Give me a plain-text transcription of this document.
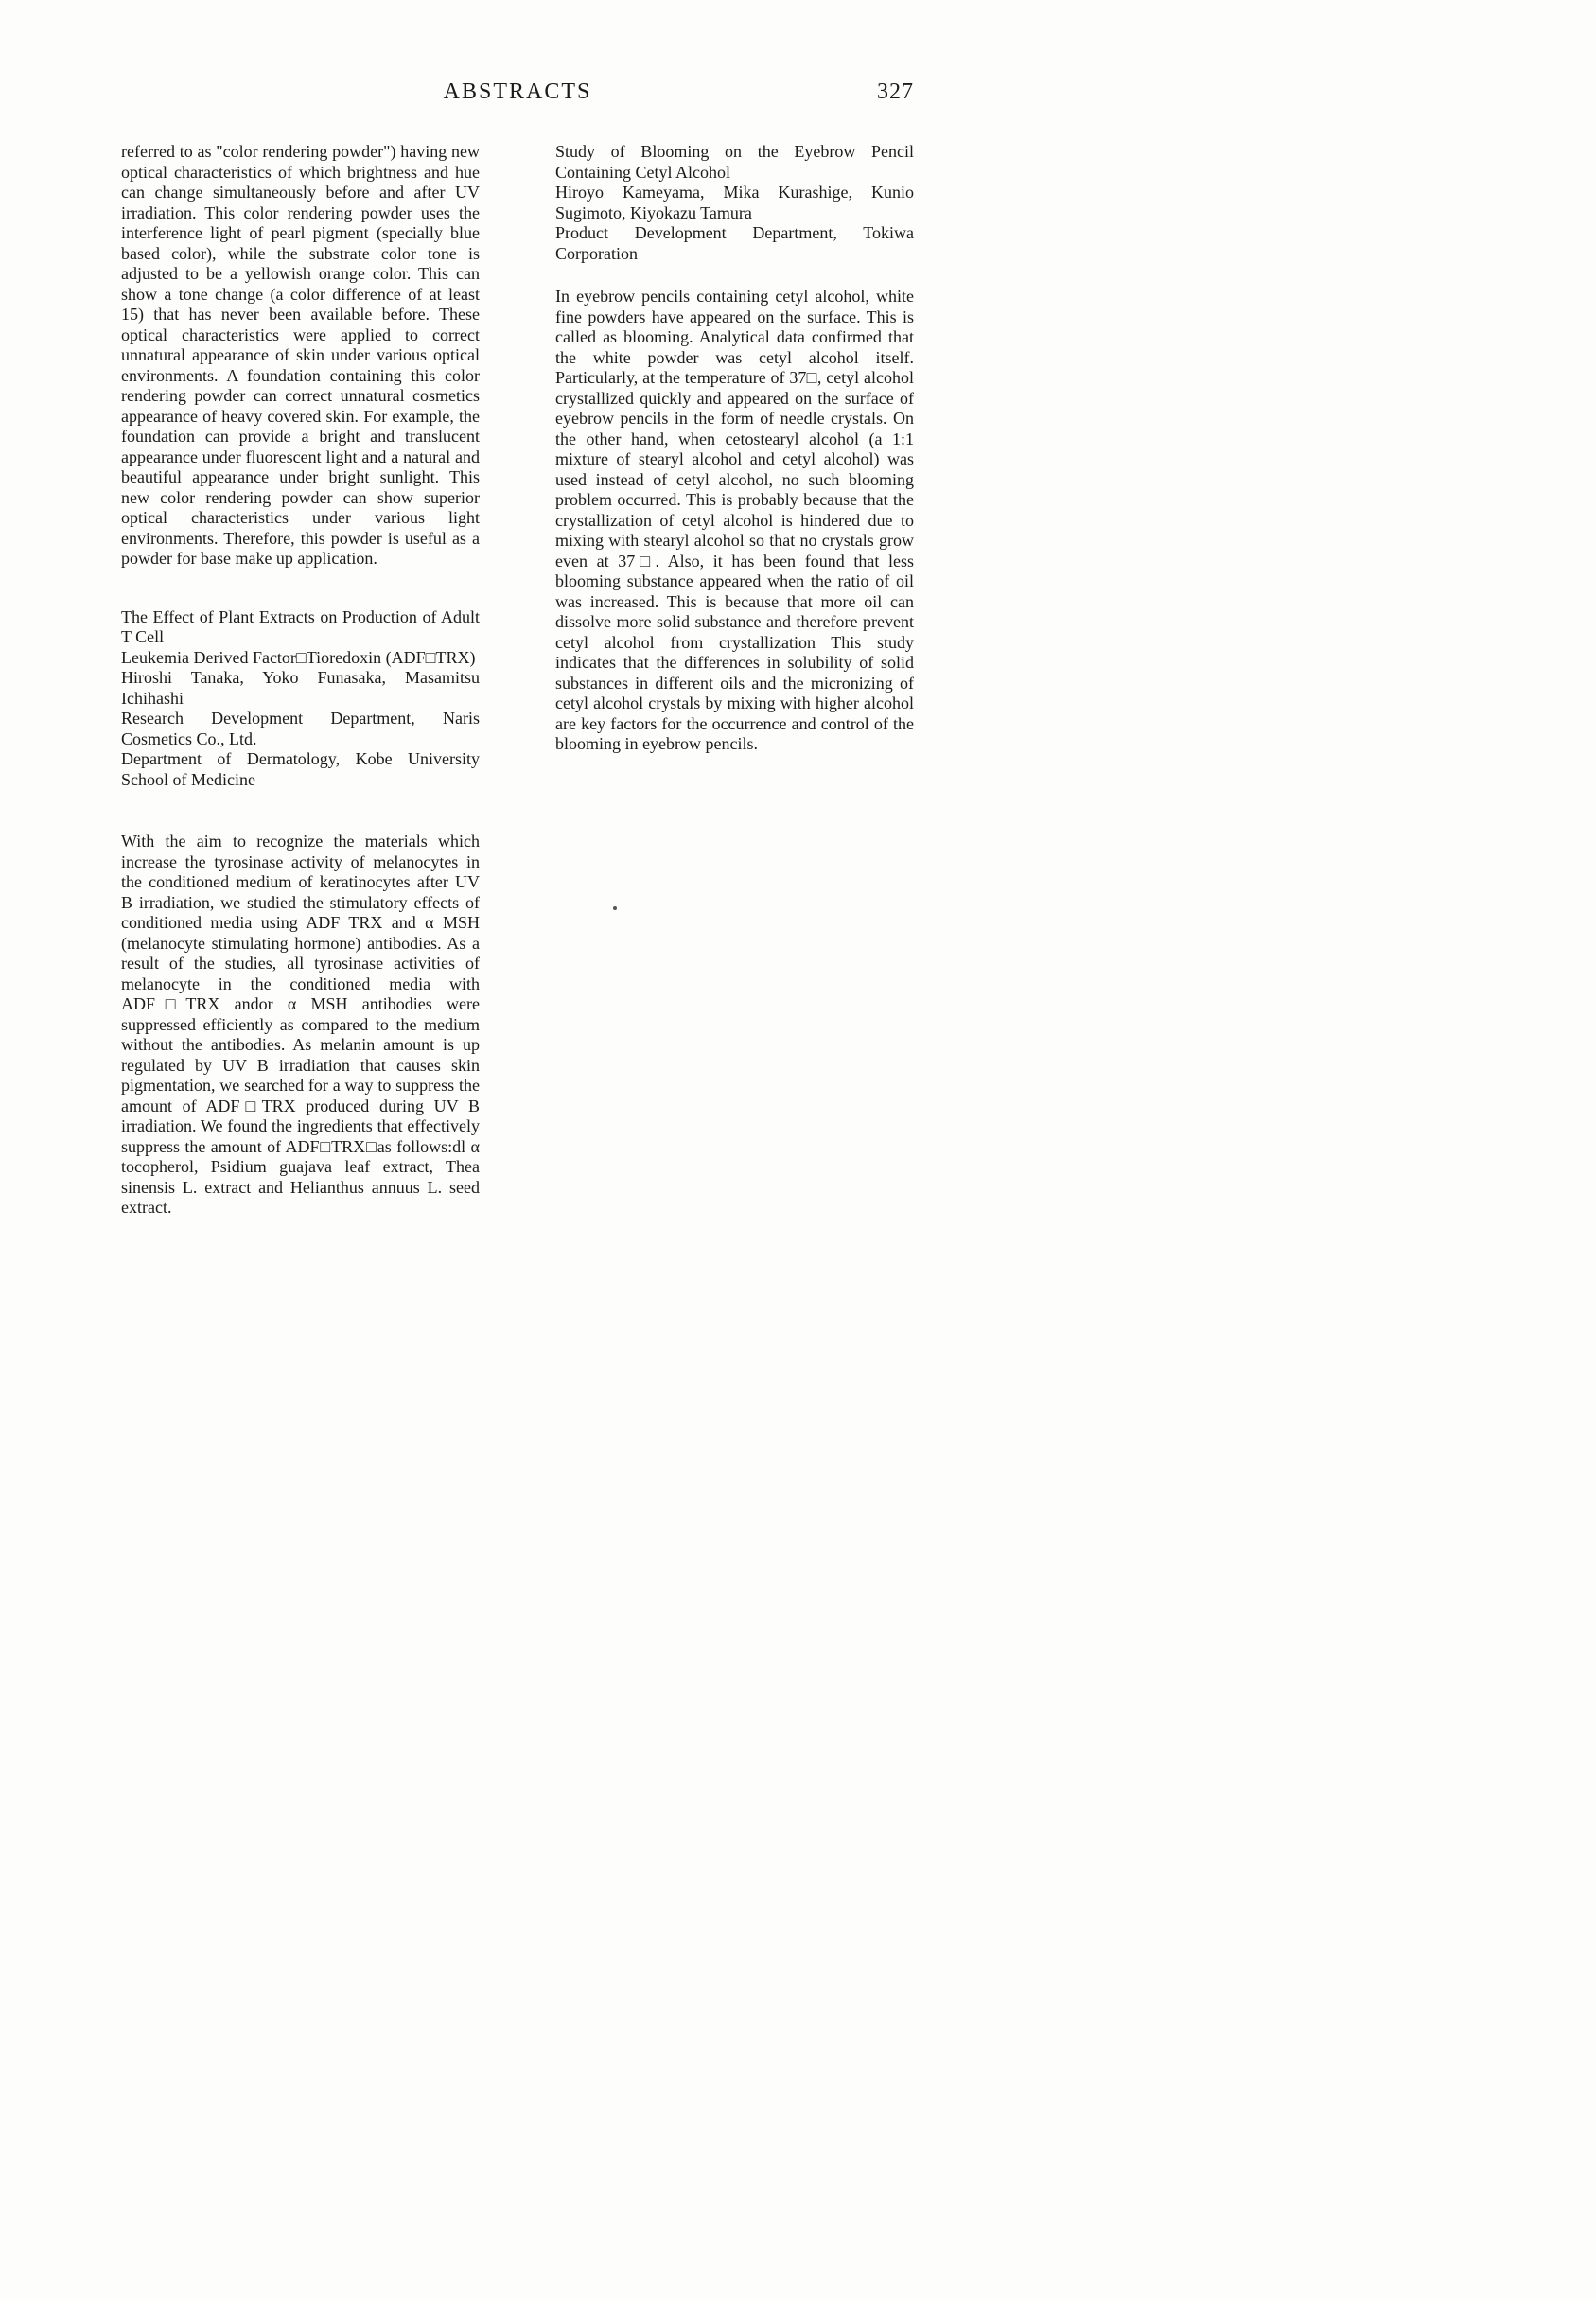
ABSTRACTS	327

referred to as "color rendering powder") having new optical characteristics of which brightness and hue can change simultaneously before and after UV irradiation. This color rendering powder uses the interference light of pearl pigment (specially blue based color), while the substrate color tone is adjusted to be a yellowish orange color. This can show a tone change (a color difference of at least 15) that has never been available before. These optical characteristics were applied to correct unnatural appearance of skin under various optical environments. A foundation containing this color rendering powder can correct unnatural cosmetics appearance of heavy covered skin. For example, the foundation can provide a bright and translucent appearance under fluorescent light and a natural and beautiful appearance under bright sunlight. This new color rendering powder can show superior optical characteristics under various light environments. Therefore, this powder is useful as a powder for base make up application.

The Effect of Plant Extracts on Production of Adult T Cell

Leukemia Derived Factor□Tioredoxin (ADF□TRX)

Hiroshi Tanaka, Yoko Funasaka, Masamitsu Ichihashi

Research Development Department, Naris Cosmetics Co., Ltd.

Department of Dermatology, Kobe University School of Medicine

With the aim to recognize the materials which increase the tyrosinase activity of melanocytes in the conditioned medium of keratinocytes after UV B irradiation, we studied the stimulatory effects of conditioned media using ADF TRX and α MSH (melanocyte stimulating hormone) antibodies. As a result of the studies, all tyrosinase activities of melanocyte in the conditioned media with ADF□TRX andor α MSH antibodies were suppressed efficiently as compared to the medium without the antibodies. As melanin amount is up regulated by UV B irradiation that causes skin pigmentation, we searched for a way to suppress the amount of ADF□TRX produced during UV B irradiation. We found the ingredients that effectively suppress the amount of ADF□TRX□as follows:dl α tocopherol, Psidium guajava leaf extract, Thea sinensis L. extract and Helianthus annuus L. seed extract.

Study of Blooming on the Eyebrow Pencil Containing Cetyl Alcohol

Hiroyo Kameyama, Mika Kurashige, Kunio Sugimoto, Kiyokazu Tamura

Product Development Department, Tokiwa Corporation

In eyebrow pencils containing cetyl alcohol, white fine powders have appeared on the surface. This is called as blooming. Analytical data confirmed that the white powder was cetyl alcohol itself. Particularly, at the temperature of 37□, cetyl alcohol crystallized quickly and appeared on the surface of eyebrow pencils in the form of needle crystals. On the other hand, when cetostearyl alcohol (a 1:1 mixture of stearyl alcohol and cetyl alcohol) was used instead of cetyl alcohol, no such blooming problem occurred. This is probably because that the crystallization of cetyl alcohol is hindered due to mixing with stearyl alcohol so that no crystals grow even at 37□. Also, it has been found that less blooming substance appeared when the ratio of oil was increased. This is because that more oil can dissolve more solid substance and therefore prevent cetyl alcohol from crystallization This study indicates that the differences in solubility of solid substances in different oils and the micronizing of cetyl alcohol crystals by mixing with higher alcohol are key factors for the occurrence and control of the blooming in eyebrow pencils.
